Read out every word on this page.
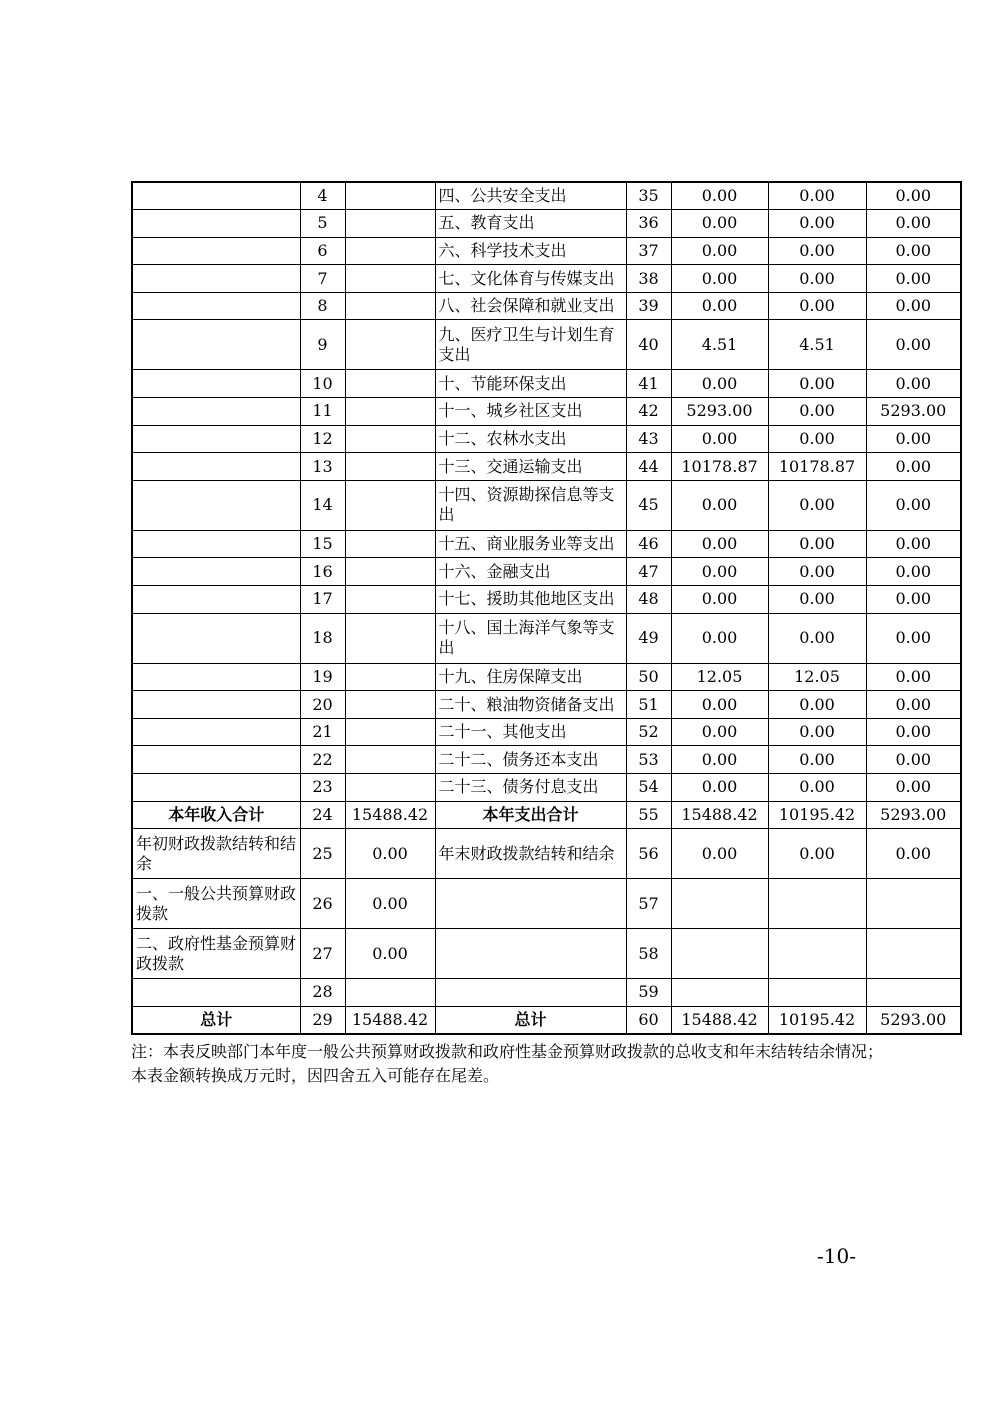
	4		四、公共安全支出	35	0.00	0.00	0.00
	5		五、教育支出	36	0.00	0.00	0.00
	6		六、科学技术支出	37	0.00	0.00	0.00
	7		七、文化体育与传媒支出	38	0.00	0.00	0.00
	8		八、社会保障和就业支出	39	0.00	0.00	0.00
	9		九、医疗卫生与计划生育支出	40	4.51	4.51	0.00
	10		十、节能环保支出	41	0.00	0.00	0.00
	11		十一、城乡社区支出	42	5293.00	0.00	5293.00
	12		十二、农林水支出	43	0.00	0.00	0.00
	13		十三、交通运输支出	44	10178.87	10178.87	0.00
	14		十四、资源勘探信息等支出	45	0.00	0.00	0.00
	15		十五、商业服务业等支出	46	0.00	0.00	0.00
	16		十六、金融支出	47	0.00	0.00	0.00
	17		十七、援助其他地区支出	48	0.00	0.00	0.00
	18		十八、国土海洋气象等支出	49	0.00	0.00	0.00
	19		十九、住房保障支出	50	12.05	12.05	0.00
	20		二十、粮油物资储备支出	51	0.00	0.00	0.00
	21		二十一、其他支出	52	0.00	0.00	0.00
	22		二十二、债务还本支出	53	0.00	0.00	0.00
	23		二十三、债务付息支出	54	0.00	0.00	0.00
本年收入合计	24	15488.42	本年支出合计	55	15488.42	10195.42	5293.00
年初财政拨款结转和结余	25	0.00	年末财政拨款结转和结余	56	0.00	0.00	0.00
一、一般公共预算财政拨款	26	0.00		57			
二、政府性基金预算财政拨款	27	0.00		58			
	28			59			
总计	29	15488.42	总计	60	15488.42	10195.42	5293.00
注：本表反映部门本年度一般公共预算财政拨款和政府性基金预算财政拨款的总收支和年末结转结余情况；
本表金额转换成万元时，因四舍五入可能存在尾差。
-10-
